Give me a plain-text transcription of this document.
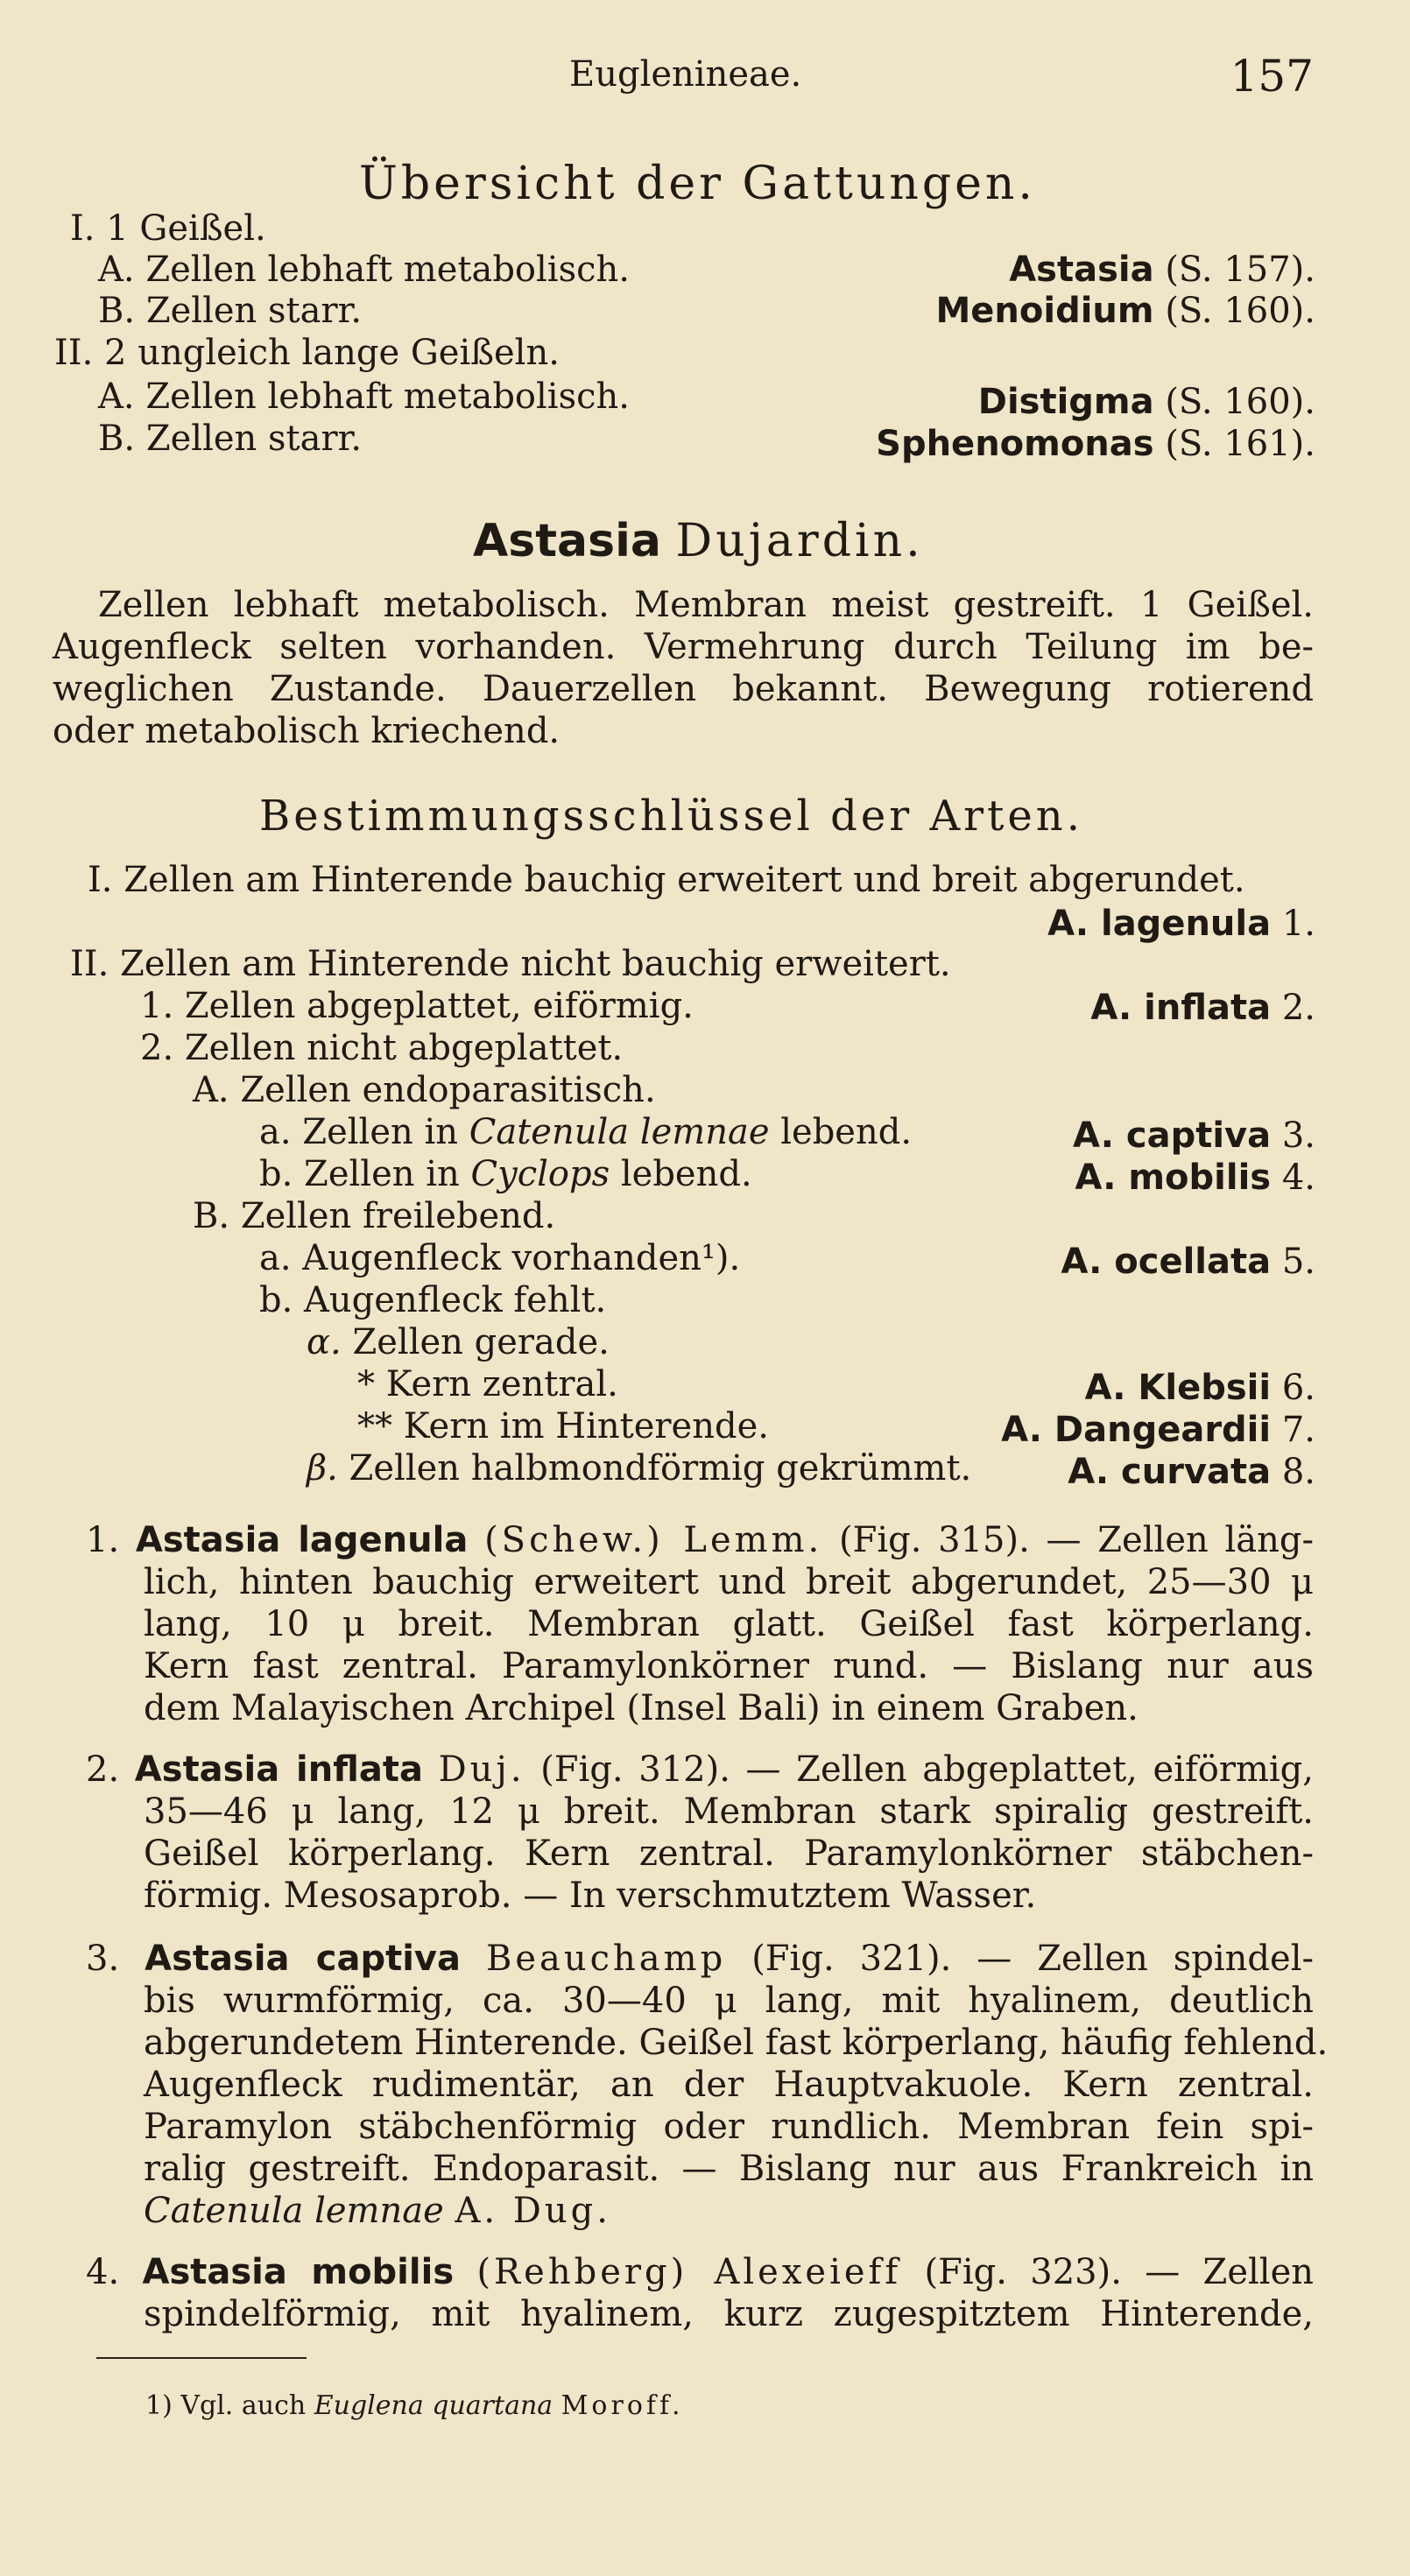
Euglenineae.	157
Übersicht der Gattungen.
I. 1 Geißel.
A. Zellen lebhaft metabolisch.	Astasia (S. 157).
B. Zellen starr.	Menoidium (S. 160).
II. 2 ungleich lange Geißeln.
A. Zellen lebhaft metabolisch.	Distigma (S. 160).
B. Zellen starr.	Sphenomonas (S. 161).
Astasia Dujardin.
Zellen lebhaft metabolisch. Membran meist gestreift. 1 Geißel.
Augenfleck selten vorhanden. Vermehrung durch Teilung im be-
weglichen Zustande. Dauerzellen bekannt. Bewegung rotierend
oder metabolisch kriechend.
Bestimmungsschlüssel der Arten.
I. Zellen am Hinterende bauchig erweitert und breit abgerundet.
A. lagenula 1.
II. Zellen am Hinterende nicht bauchig erweitert.
1. Zellen abgeplattet, eiförmig.	A. inflata 2.
2. Zellen nicht abgeplattet.
A. Zellen endoparasitisch.
a. Zellen in Catenula lemnae lebend.	A. captiva 3.
b. Zellen in Cyclops lebend.	A. mobilis 4.
B. Zellen freilebend.
a. Augenfleck vorhanden¹).	A. ocellata 5.
b. Augenfleck fehlt.
α. Zellen gerade.
* Kern zentral.	A. Klebsii 6.
** Kern im Hinterende.	A. Dangeardii 7.
β. Zellen halbmondförmig gekrümmt.	A. curvata 8.
1. Astasia lagenula (Schew.) Lemm. (Fig. 315). — Zellen läng-
lich, hinten bauchig erweitert und breit abgerundet, 25—30 μ
lang, 10 μ breit. Membran glatt. Geißel fast körperlang.
Kern fast zentral. Paramylonkörner rund. — Bislang nur aus
dem Malayischen Archipel (Insel Bali) in einem Graben.
2. Astasia inflata Duj. (Fig. 312). — Zellen abgeplattet, eiförmig,
35—46 μ lang, 12 μ breit. Membran stark spiralig gestreift.
Geißel körperlang. Kern zentral. Paramylonkörner stäbchen-
förmig. Mesosaprob. — In verschmutztem Wasser.
3. Astasia captiva Beauchamp (Fig. 321). — Zellen spindel-
bis wurmförmig, ca. 30—40 μ lang, mit hyalinem, deutlich
abgerundetem Hinterende. Geißel fast körperlang, häufig fehlend.
Augenfleck rudimentär, an der Hauptvakuole. Kern zentral.
Paramylon stäbchenförmig oder rundlich. Membran fein spi-
ralig gestreift. Endoparasit. — Bislang nur aus Frankreich in
Catenula lemnae A. Dug.
4. Astasia mobilis (Rehberg) Alexeieff (Fig. 323). — Zellen
spindelförmig, mit hyalinem, kurz zugespitztem Hinterende,
1) Vgl. auch Euglena quartana Moroff.
